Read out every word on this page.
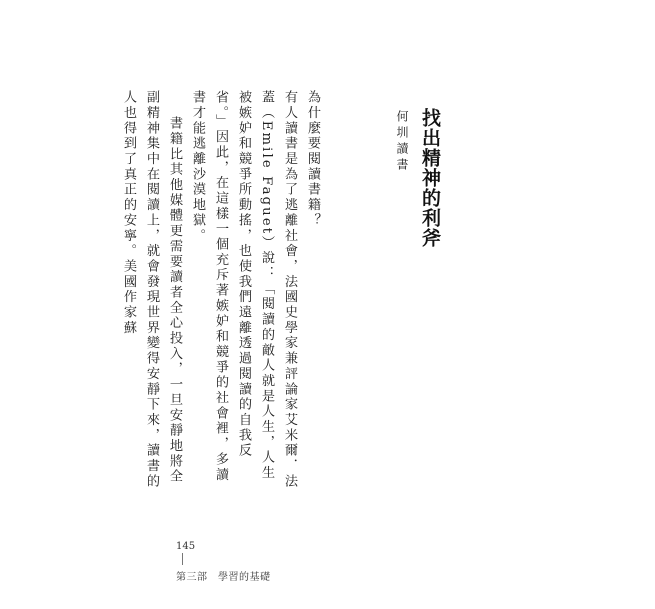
找出精神的利斧
何圳讀書

為什麼要閱讀書籍？

有人讀書是為了逃離社會，法國史學家兼評論家艾米爾．法蓋（Emile Faguet）說：「閱讀的敵人就是人生，人生被嫉妒和競爭所動搖，也使我們遠離透過閱讀的自我反省。」因此，在這樣一個充斥著嫉妒和競爭的社會裡，多讀書才能逃離沙漠地獄。

書籍比其他媒體更需要讀者全心投入，一旦安靜地將全副精神集中在閱讀上，就會發現世界變得安靜下來，讀書的人也得到了真正的安寧。美國作家蘇

145
第三部　學習的基礎
